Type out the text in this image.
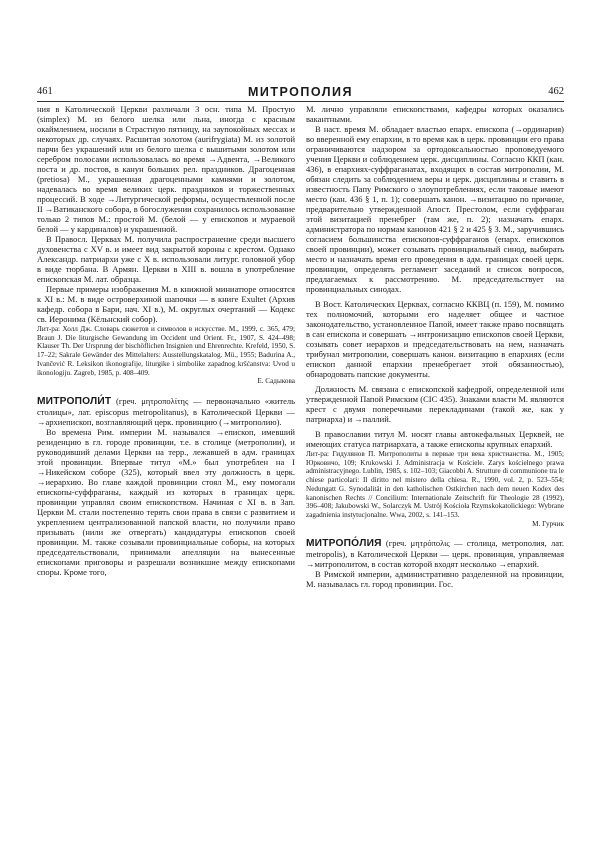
461	МИТРОПОЛИЯ	462

ния в Католической Церкви различали 3 осн. типа М. Простую (simplex) М. из белого шелка или льна, иногда с красным окаймлением, носили в Страстную пятницу, на заупокойных мессах и некоторых др. случаях. Расшитая золотом (aurifrygiata) М. из золотой парчи без украшений или из белого шелка с вышитыми золотом или серебром полосами использовалась во время →Адвента, →Великого поста и др. постов, в канун больших рел. праздников. Драгоценная (pretiosa) М., украшенная драгоценными камнями и золотом, надевалась во время великих церк. праздников и торжественных процессий. В ходе →Литургической реформы, осуществленной после II →Ватиканского собора, в богослужении сохранилось использование только 2 типов М.: простой М. (белой — у епископов и мураевой белой — у кардиналов) и украшенной.

В Правосл. Церквах М. получила распространение среди высшего духовенства с XV в. и имеет вид закрытой короны с крестом. Однако Александр. патриархи уже с X в. использовали литург. головной убор в виде тюрбана. В Армян. Церкви в XIII в. вошла в употребление епископская М. лат. образца.

Первые примеры изображения М. в книжной миниатюре относятся к XI в.: М. в виде островерхиной шапочки — в книге Exultet (Архив кафедр. собора в Бари, нач. XI в.), М. округлых очертаний — Кодекс св. Иеронима (Кёльнский собор).

Лит-ра: Холл Дж. Словарь сюжетов и символов в искусстве. М., 1999, с. 365, 479; Braun J. Die liturgische Gewandung im Occident und Orient. Fr., 1907, S. 424–498; Klauser Th. Der Ursprung der bischöflichen Insignien und Ehrenrechte. Krefeld, 1950, S. 17–22; Sakrale Gewänder des Mittelalters: Ausstellungskatalog. Mü., 1955; Badurina A., Ivančević R. Leksikon ikonografije, liturgike i simbolike zapadnog kršćanstva: Uvod u ikonologiju. Zagreb, 1985, p. 408–409.

Е. Садыкова

МИТРОПОЛИ́Т (греч. μητροπολίτης — первоначально «житель столицы», лат. episcopus metropolitanus), в Католической Церкви — →архиепископ, возглавляющий церк. провинцию (→митрополию).

Во времена Рим. империи М. назывался →епископ, имевший резиденцию в гл. городе провинции, т.е. в столице (метрополии), и руководивший делами Церкви на терр., лежавшей в адм. границах этой провинции. Впервые титул «М.» был употреблен на I →Никейском соборе (325), который ввел эту должность в церк. →иерархию. Во главе каждой провинции стоял М., ему помогали епископы-суффраганы, каждый из которых в границах церк. провинции управлял своим епископством. Начиная с XI в. в Зап. Церкви М. стали постепенно терять свои права в связи с развитием и укреплением централизованной папской власти, но получили право призывать (нили же отвергать) кандидатуры епископов своей провинции. М. также созывали провинциальные соборы, на которых председательствовали, принимали апелляции на вынесенные епископами приговоры и разрешали возникшие между епископами споры. Кроме того,

М. лично управляли епископствами, кафедры которых оказались вакантными.

В наст. время М. обладает властью епарх. епископа (→ординария) во вверенной ему епархии, в то время как в церк. провинции его права ограничиваются надзором за ортодоксальностью проповедуемого учения Церкви и соблюдением церк. дисциплины. Согласно ККП (кан. 436), в епархиях-суффраганатах, входящих в состав митрополии, М. обязан следить за соблюдением веры и церк. дисциплины и ставить в известность Папу Римского о злоупотреблениях, если таковые имеют место (кан. 436 § 1, п. 1); совершать канон. →визитацию по причине, предварительно утвержденной Апост. Престолом, если суффраган этой визитацией пренебрег (там же, п. 2); назначать епарх. администратора по нормам канонов 421 § 2 и 425 § 3. М., заручившись согласием большинства епископов-суффраганов (епарх. епископов своей провинции), может созывать провинциальный синод, выбирать место и назначать время его проведения в адм. границах своей церк. провинции, определять регламент заседаний и список вопросов, предлагаемых к рассмотрению. М. председательствует на провинциальных синодах.

В Вост. Католических Церквах, согласно ККВЦ (п. 159), М. помимо тех полномочий, которыми его наделяет общее и частное законодательство, установленное Папой, имеет также право посвящать в сан епископа и совершать →интронизацию епископов своей Церкви, созывать совет иерархов и председательствовать на нем, назначать трибунал митрополии, совершать канон. визитацию в епархиях (если епископ данной епархии пренебрегает этой обязанностью), обнародовать папские документы.

Должность М. связана с епископской кафедрой, определенной или утвержденной Папой Римским (CIC 435). Знаками власти М. являются крест с двумя поперечными перекладинами (такой же, как у патриарха) и →паллий.

В православии титул М. носят главы автокефальных Церквей, не имеющих статуса патриархата, а также епископы крупных епархий.

Лит-ра: Гидулянов П. Митрополиты в первые три века христианства. М., 1905; Юрковичо, 109; Krukowski J. Administracja w Kościele. Zarys kościelnego prawa administracyjnego. Lublin, 1985, s. 102–103; Giacobbi A. Strutture di communione tra le chiese particolari: Il diritto nel mistero della chiesa. R., 1990, vol. 2, p. 523–554; Nedungatt G. Synodalität in den katholischen Ostkirchen nach dem neuen Kodex des kanonischen Rechts // Concilium: Internationale Zeitschrift für Theologie 28 (1992), 396–408; Jakubowski W., Solarczyk M. Ustrój Kościoła Rzymskokatolickiego: Wybrane zagadnienia instytucjonalne. Wwa, 2002, s. 141–153.

М. Гурчик

МИТРОПО́ЛИЯ (греч. μητρόπολις — столица, метрополия, лат. metropolis), в Католической Церкви — церк. провинция, управляемая →митрополитом, в состав которой входят несколько →епархий.

В Римской империи, административно разделенной на провинции, М. называлась гл. город провинции. Гос.
